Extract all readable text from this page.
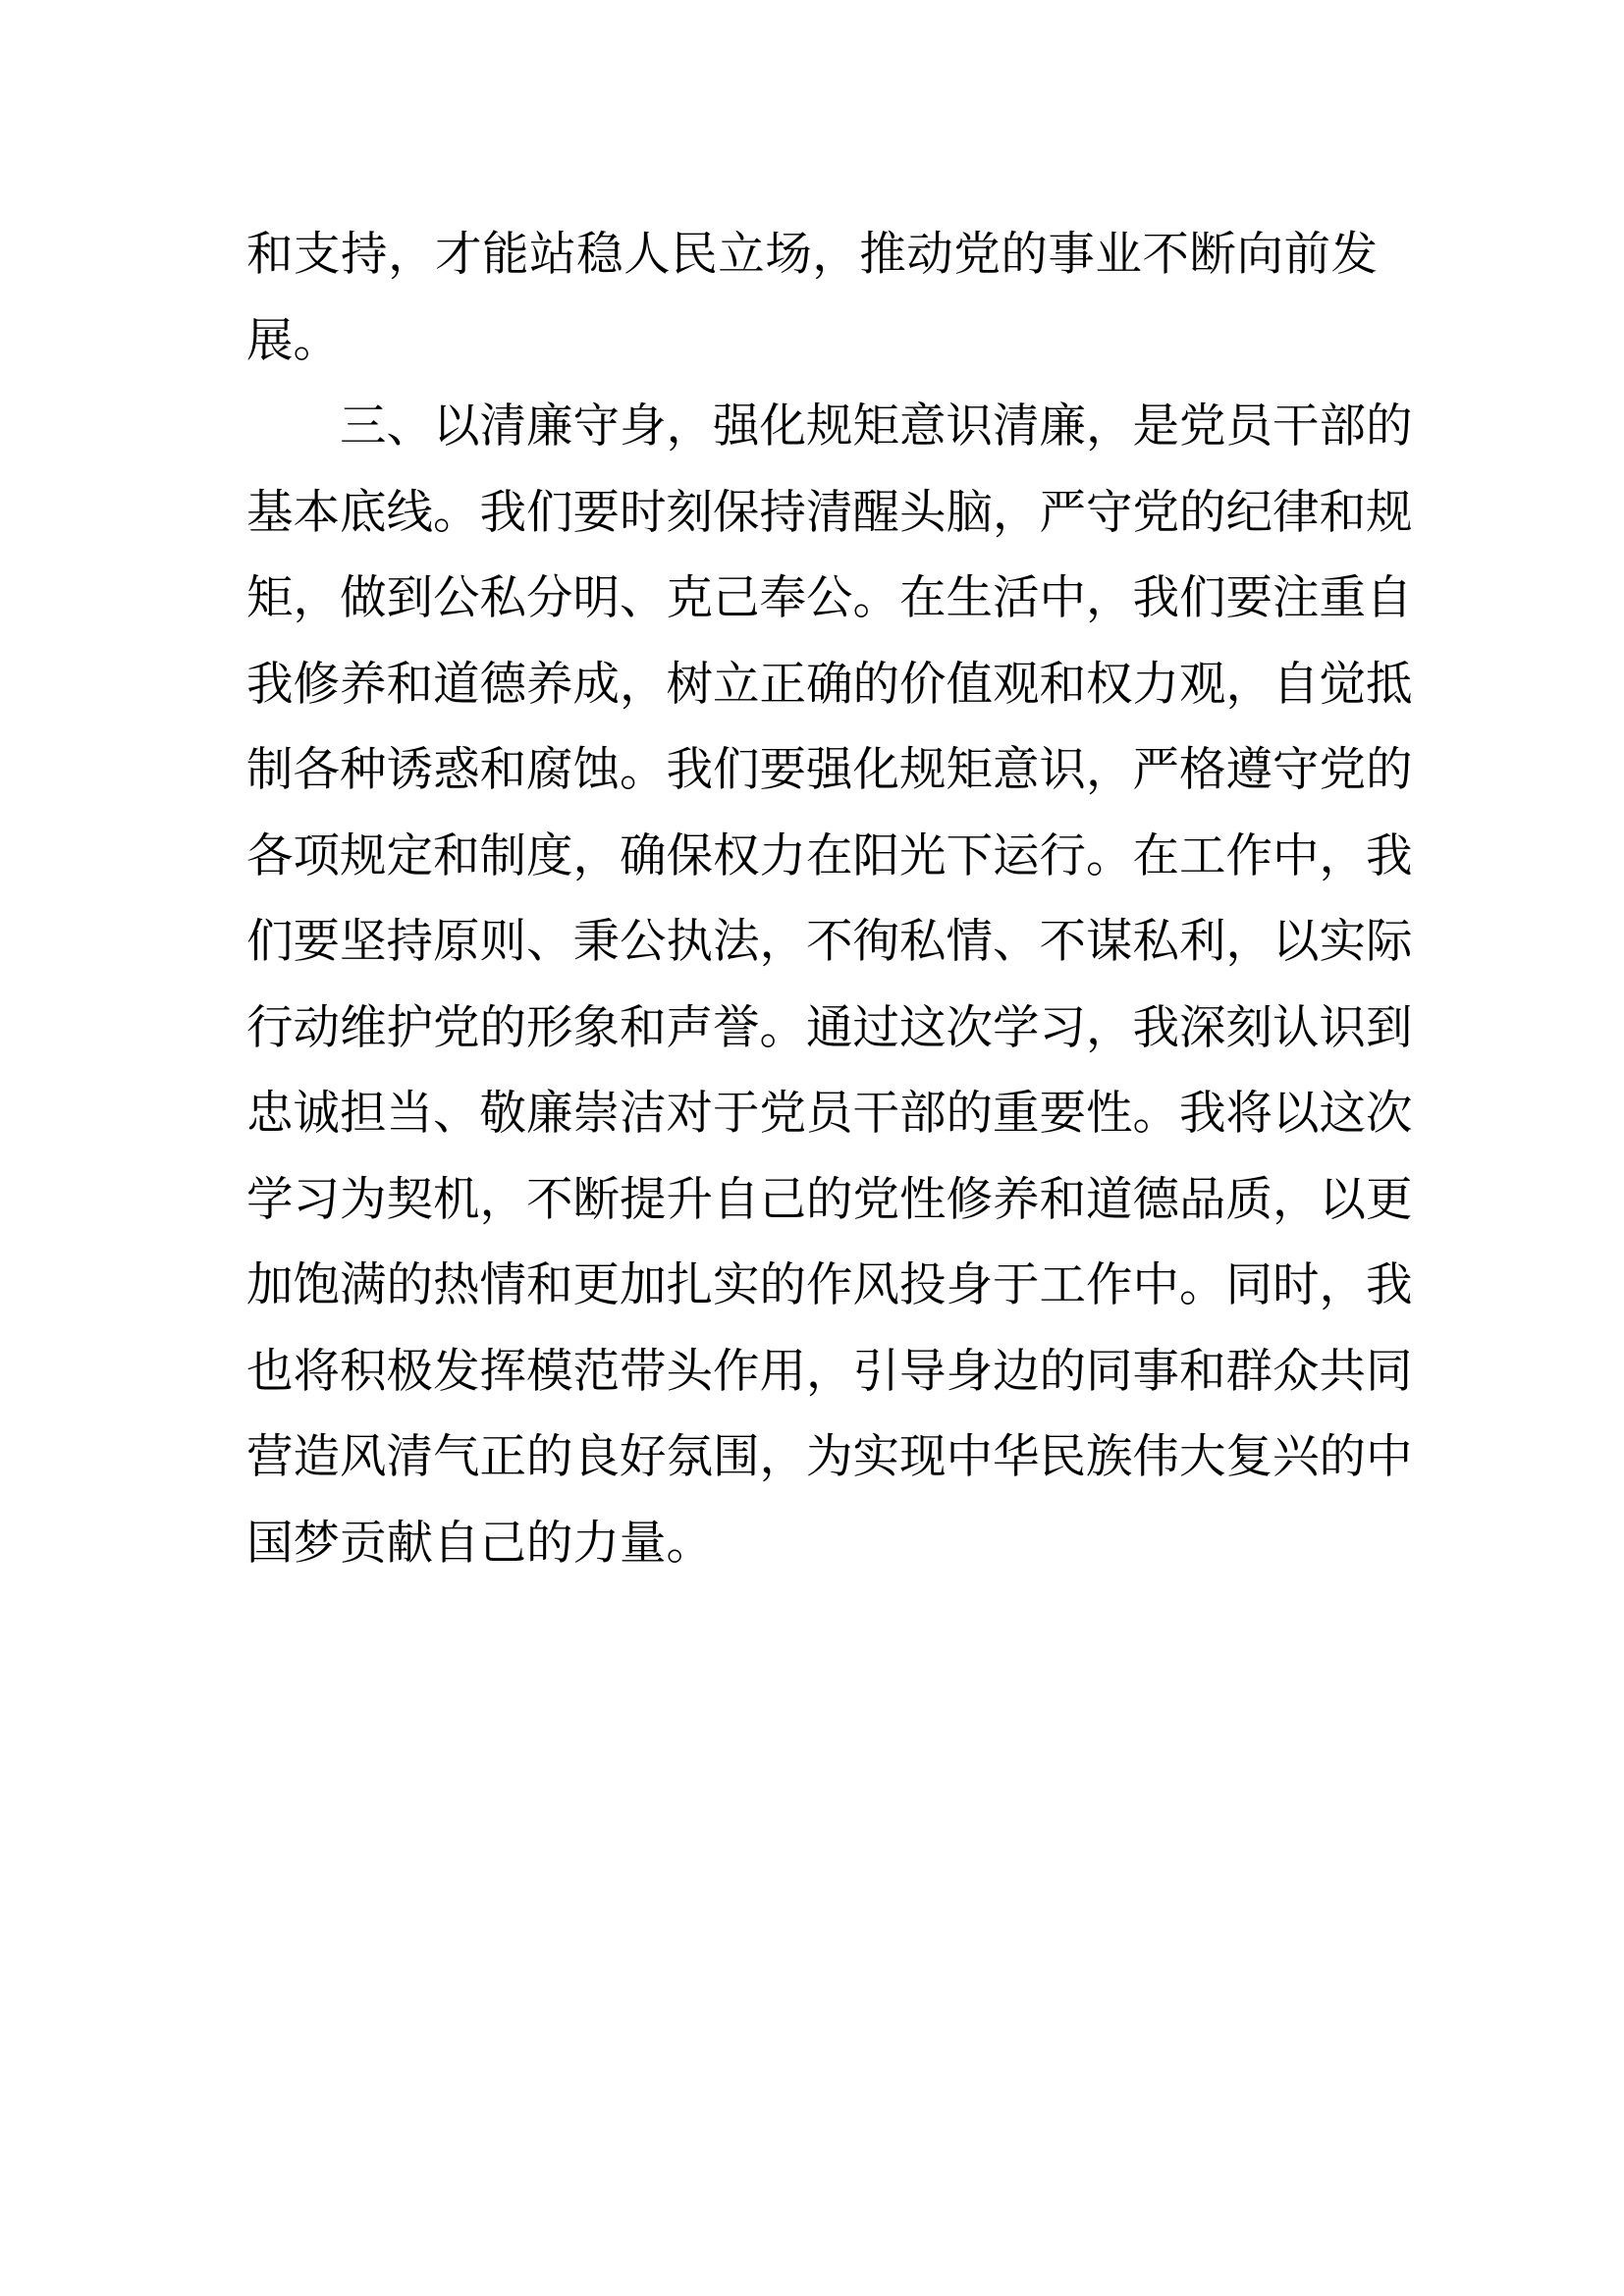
和支持，才能站稳人民立场，推动党的事业不断向前发
展。
三、以清廉守身，强化规矩意识清廉，是党员干部的
基本底线。我们要时刻保持清醒头脑，严守党的纪律和规
矩，做到公私分明、克己奉公。在生活中，我们要注重自
我修养和道德养成，树立正确的价值观和权力观，自觉抵
制各种诱惑和腐蚀。我们要强化规矩意识，严格遵守党的
各项规定和制度，确保权力在阳光下运行。在工作中，我
们要坚持原则、秉公执法，不徇私情、不谋私利，以实际
行动维护党的形象和声誉。通过这次学习，我深刻认识到
忠诚担当、敬廉崇洁对于党员干部的重要性。我将以这次
学习为契机，不断提升自己的党性修养和道德品质，以更
加饱满的热情和更加扎实的作风投身于工作中。同时，我
也将积极发挥模范带头作用，引导身边的同事和群众共同
营造风清气正的良好氛围，为实现中华民族伟大复兴的中
国梦贡献自己的力量。
